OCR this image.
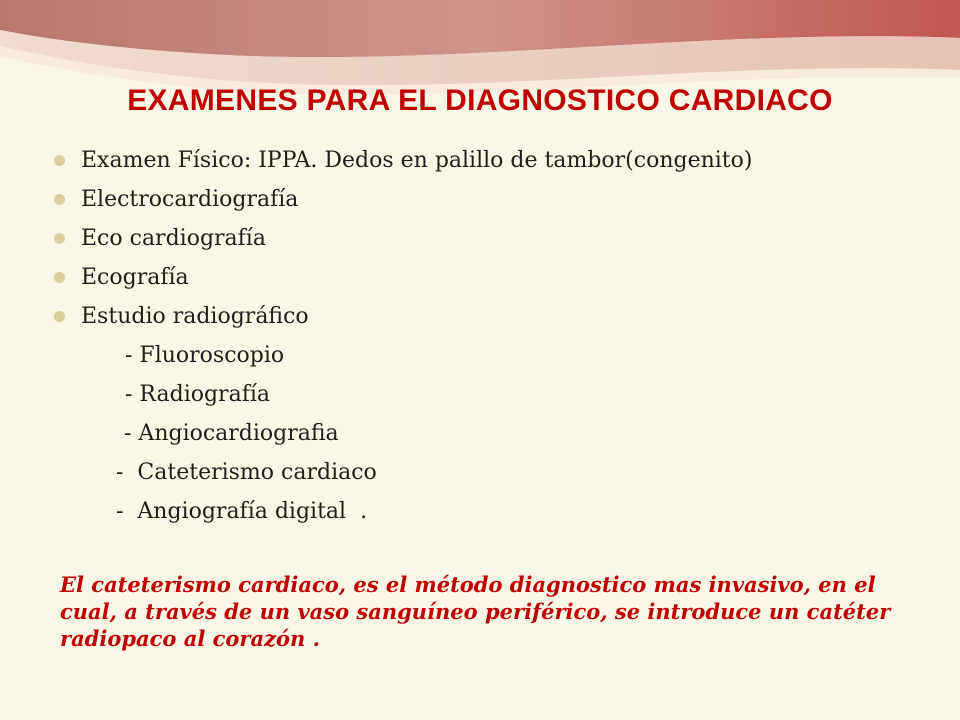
EXAMENES PARA EL DIAGNOSTICO CARDIACO
Examen Físico: IPPA. Dedos en palillo de tambor(congenito)
Electrocardiografía
Eco cardiografía
Ecografía
Estudio radiográfico
- Fluoroscopio
- Radiografía
- Angiocardiografia
-  Cateterismo cardiaco
-  Angiografía digital  .

El cateterismo cardiaco, es el método diagnostico mas invasivo, en el cual, a través de un vaso sanguíneo periférico, se introduce un catéter radiopaco al corazón .
